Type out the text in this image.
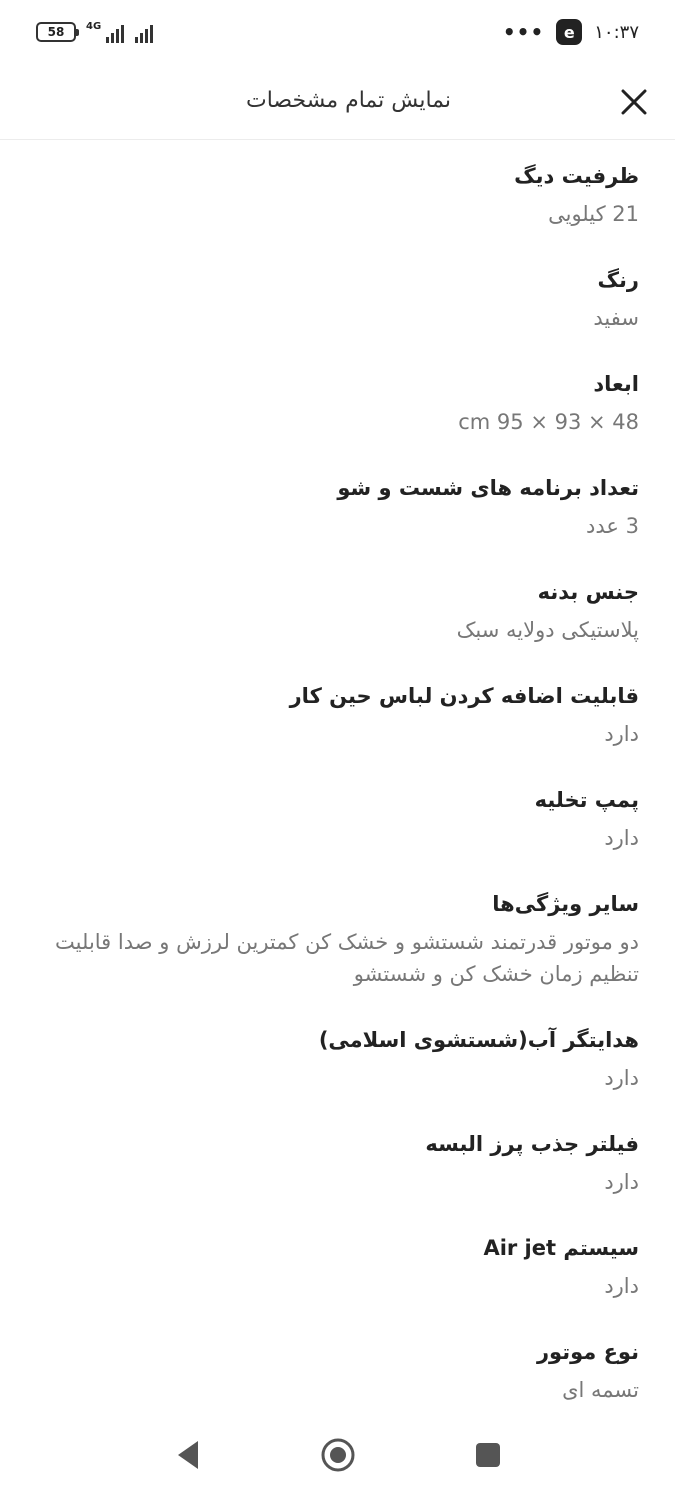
58 4G	•••	e	۱۰:۳۷
نمایش تمام مشخصات
ظرفیت دیگ
21 کیلویی
رنگ
سفید
ابعاد
cm 95 × 93 × 48
تعداد برنامه های شست و شو
3 عدد
جنس بدنه
پلاستیکی دولایه سبک
قابلیت اضافه کردن لباس حین کار
دارد
پمپ تخلیه
دارد
سایر ویژگی‌ها
دو موتور قدرتمند شستشو و خشک کن کمترین لرزش و صدا قابلیت تنظیم زمان خشک کن و شستشو
هدایتگر آب(شستشوی اسلامی)
دارد
فیلتر جذب پرز البسه
دارد
سیستم Air jet
دارد
نوع موتور
تسمه ای
